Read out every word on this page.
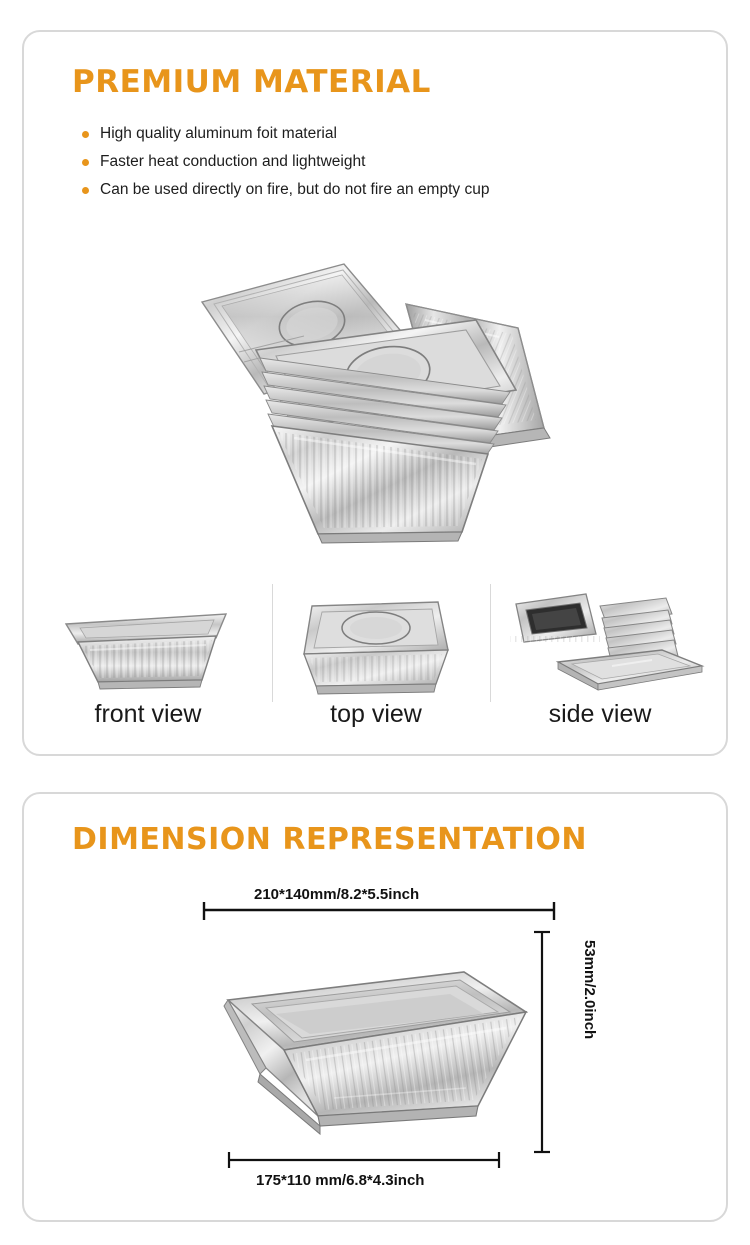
PREMIUM MATERIAL
High quality aluminum foit material
Faster heat conduction and lightweight
Can be used directly on fire, but do not fire an empty cup
front view	top view	side view
DIMENSION REPRESENTATION
210*140mm/8.2*5.5inch
53mm/2.0inch
175*110 mm/6.8*4.3inch
